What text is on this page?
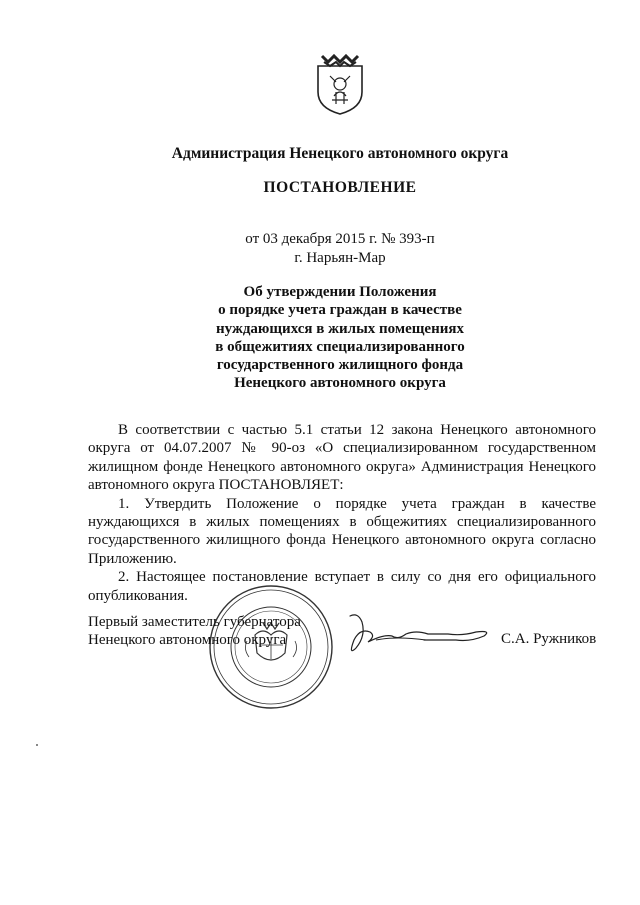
Администрация Ненецкого автономного округа
ПОСТАНОВЛЕНИЕ
от 03 декабря 2015 г. № 393-п
г. Нарьян-Мар
Об утверждении Положения
о порядке учета граждан в качестве
нуждающихся в жилых помещениях
в общежитиях специализированного
государственного жилищного фонда
Ненецкого автономного округа

В соответствии с частью 5.1 статьи 12 закона Ненецкого автономного округа от 04.07.2007 № 90-оз «О специализированном государственном жилищном фонде Ненецкого автономного округа» Администрация Ненецкого автономного округа ПОСТАНОВЛЯЕТ:

1. Утвердить Положение о порядке учета граждан в качестве нуждающихся в жилых помещениях в общежитиях специализированного государственного жилищного фонда Ненецкого автономного округа согласно Приложению.

2. Настоящее постановление вступает в силу со дня его официального опубликования.

Первый заместитель губернатора
Ненецкого автономного округа	С.А. Ружников
